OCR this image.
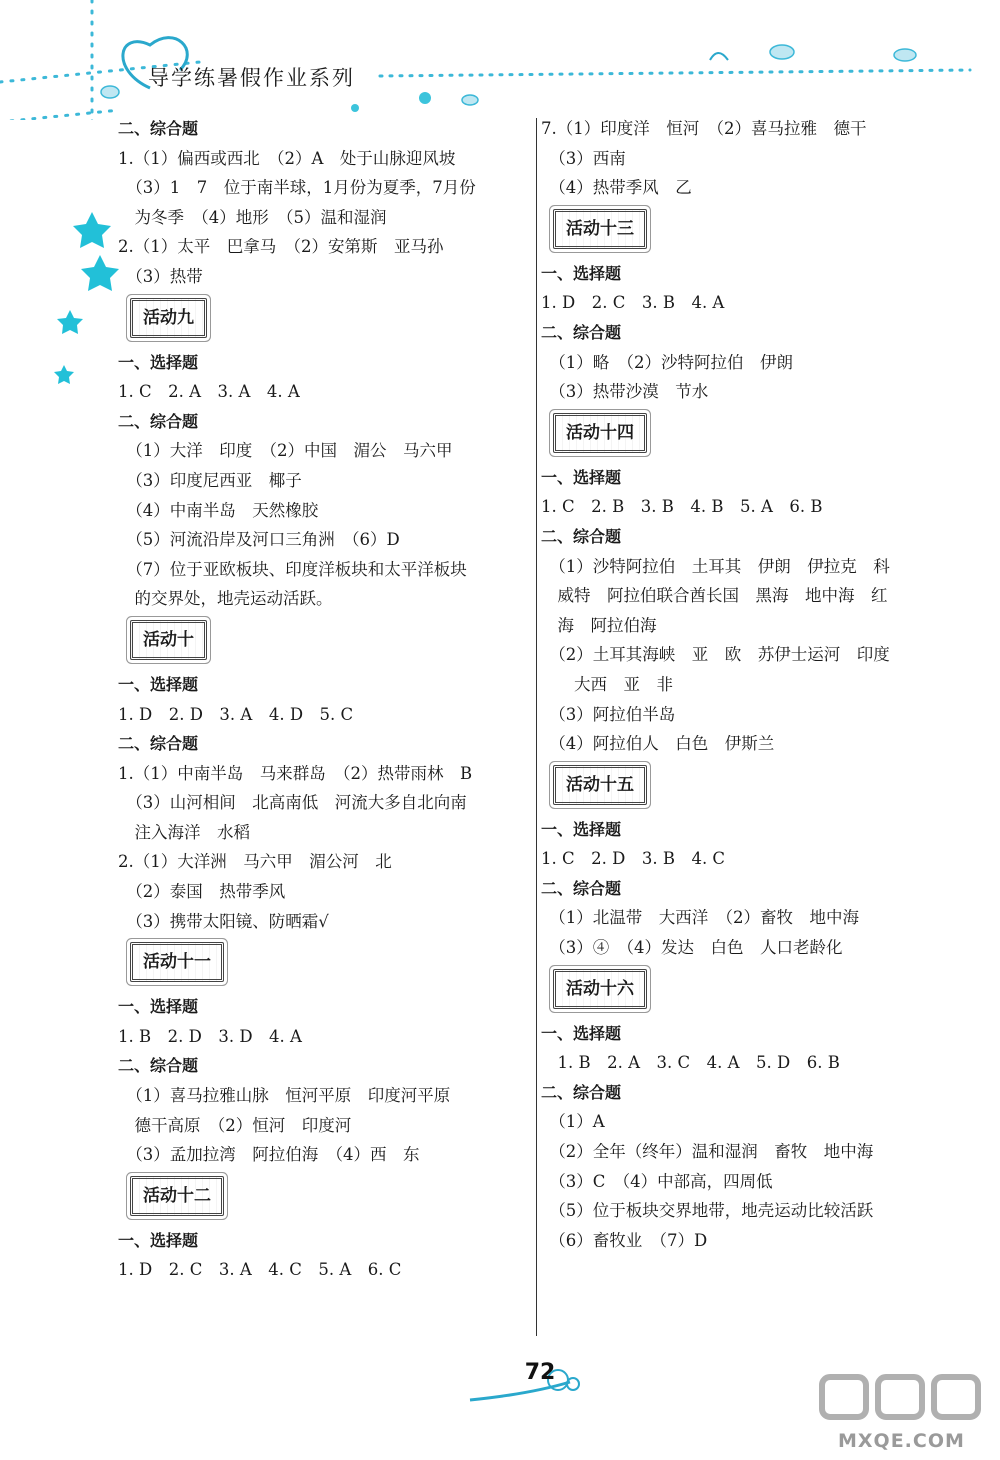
导学练暑假作业系列
二、综合题
1.（1）偏西或西北　（2）A　处于山脉迎风坡
　（3）1　7　位于南半球，1月份为夏季，7月份
　为冬季　（4）地形　（5）温和湿润
2.（1）太平　巴拿马　（2）安第斯　亚马孙
　（3）热带
活动九
一、选择题
1. C　2. A　3. A　4. A
二、综合题
　（1）大洋　印度　（2）中国　湄公　马六甲
　（3）印度尼西亚　椰子
　（4）中南半岛　天然橡胶
　（5）河流沿岸及河口三角洲　（6）D
　（7）位于亚欧板块、印度洋板块和太平洋板块
　的交界处，地壳运动活跃。
活动十
一、选择题
1. D　2. D　3. A　4. D　5. C
二、综合题
1.（1）中南半岛　马来群岛　（2）热带雨林　B
　（3）山河相间　北高南低　河流大多自北向南
　注入海洋　水稻
2.（1）大洋洲　马六甲　湄公河　北
　（2）泰国　热带季风
　（3）携带太阳镜、防晒霜√
活动十一
一、选择题
1. B　2. D　3. D　4. A
二、综合题
　（1）喜马拉雅山脉　恒河平原　印度河平原
　德干高原　（2）恒河　印度河
　（3）孟加拉湾　阿拉伯海　（4）西　东
活动十二
一、选择题
1. D　2. C　3. A　4. C　5. A　6. C
7.（1）印度洋　恒河　（2）喜马拉雅　德干
　（3）西南
　（4）热带季风　乙
活动十三
一、选择题
1. D　2. C　3. B　4. A
二、综合题
　（1）略　（2）沙特阿拉伯　伊朗
　（3）热带沙漠　节水
活动十四
一、选择题
1. C　2. B　3. B　4. B　5. A　6. B
二、综合题
　（1）沙特阿拉伯　土耳其　伊朗　伊拉克　科
　威特　阿拉伯联合酋长国　黑海　地中海　红
　海　阿拉伯海
　（2）土耳其海峡　亚　欧　苏伊士运河　印度
　　大西　亚　非
　（3）阿拉伯半岛
　（4）阿拉伯人　白色　伊斯兰
活动十五
一、选择题
1. C　2. D　3. B　4. C
二、综合题
　（1）北温带　大西洋　（2）畜牧　地中海
　（3）④　（4）发达　白色　人口老龄化
活动十六
一、选择题
　1. B　2. A　3. C　4. A　5. D　6. B
二、综合题
　（1）A
　（2）全年（终年）温和湿润　畜牧　地中海
　（3）C　（4）中部高，四周低
　（5）位于板块交界地带，地壳运动比较活跃
　（6）畜牧业　（7）D
72
MXQE.COM
